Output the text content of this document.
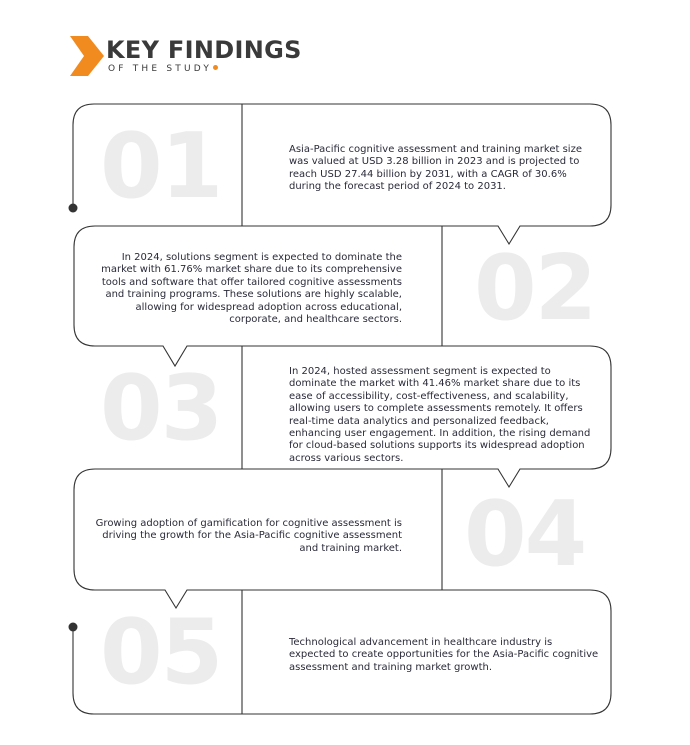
KEY FINDINGS
OF THE STUDY
01	Asia-Pacific cognitive assessment and training market size was valued at USD 3.28 billion in 2023 and is projected to reach USD 27.44 billion by 2031, with a CAGR of 30.6% during the forecast period of 2024 to 2031.
02
In 2024, solutions segment is expected to dominate the market with 61.76% market share due to its comprehensive tools and software that offer tailored cognitive assessments and training programs. These solutions are highly scalable, allowing for widespread adoption across educational, corporate, and healthcare sectors.
03	In 2024, hosted assessment segment is expected to dominate the market with 41.46% market share due to its ease of accessibility, cost-effectiveness, and scalability, allowing users to complete assessments remotely. It offers real-time data analytics and personalized feedback, enhancing user engagement. In addition, the rising demand for cloud-based solutions supports its widespread adoption across various sectors.
04
Growing adoption of gamification for cognitive assessment is driving the growth for the Asia-Pacific cognitive assessment and training market.
05	Technological advancement in healthcare industry is expected to create opportunities for the Asia-Pacific cognitive assessment and training market growth.
